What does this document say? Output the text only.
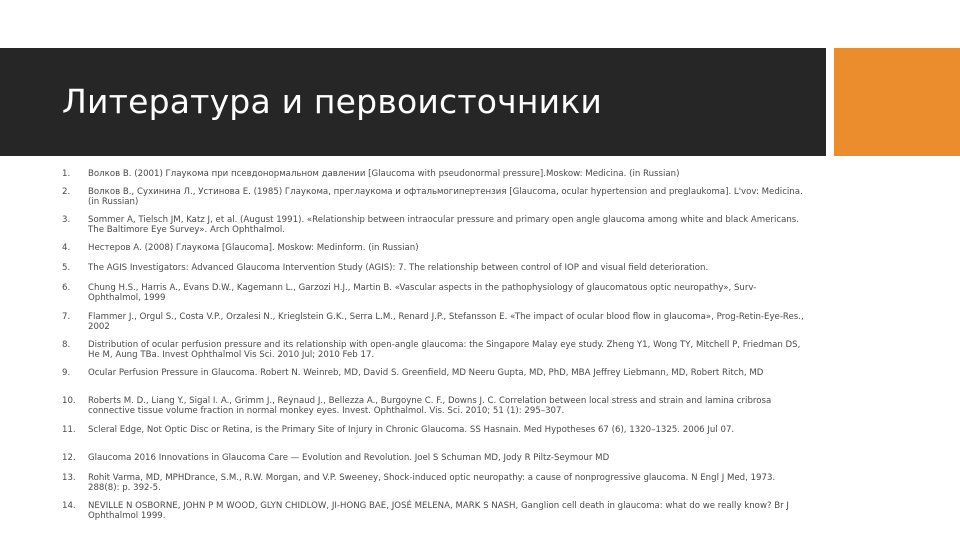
Литература и первоисточники
1.	Волков В. (2001) Глаукома при псевдонормальном давлении [Glaucoma with pseudonormal pressure].Moskow: Medicina. (in Russian)
2.	Волков В., Сухинина Л., Устинова Е. (1985) Глаукома, преглаукома и офтальмогипертензия [Glaucoma, ocular hypertension and preglaukoma]. L'vov: Medicina. (in Russian)
3.	Sommer A, Tielsch JM, Katz J, et al. (August 1991). «Relationship between intraocular pressure and primary open angle glaucoma among white and black Americans. The Baltimore Eye Survey». Arch Ophthalmol.
4.	Нестеров А. (2008) Глаукома [Glaucoma]. Moskow: Medinform. (in Russian)
5.	The AGIS Investigators: Advanced Glaucoma Intervention Study (AGIS): 7. The relationship between control of IOP and visual field deterioration.
6.	Chung H.S., Harris A., Evans D.W., Kagemann L., Garzozi H.J., Martin B. «Vascular aspects in the pathophysiology of glaucomatous optic neuropathy», Surv-Ophthalmol, 1999
7.	Flammer J., Orgul S., Costa V.P., Orzalesi N., Krieglstein G.K., Serra L.M., Renard J.P., Stefansson E. «The impact of ocular blood flow in glaucoma», Prog-Retin-Eye-Res., 2002
8.	Distribution of ocular perfusion pressure and its relationship with open-angle glaucoma: the Singapore Malay eye study. Zheng Y1, Wong TY, Mitchell P, Friedman DS, He M, Aung TBa. Invest Ophthalmol Vis Sci. 2010 Jul; 2010 Feb 17.
9.	Ocular Perfusion Pressure in Glaucoma. Robert N. Weinreb, MD, David S. Greenfield, MD Neeru Gupta, MD, PhD, MBA Jeffrey Liebmann, MD, Robert Ritch, MD
10.	Roberts M. D., Liang Y., Sigal I. A., Grimm J., Reynaud J., Bellezza A., Burgoyne C. F., Downs J. C. Correlation between local stress and strain and lamina cribrosa connective tissue volume fraction in normal monkey eyes. Invest. Ophthalmol. Vis. Sci. 2010; 51 (1): 295–307.
11.	Scleral Edge, Not Optic Disc or Retina, is the Primary Site of Injury in Chronic Glaucoma. SS Hasnain. Med Hypotheses 67 (6), 1320–1325. 2006 Jul 07.
12.	Glaucoma 2016 Innovations in Glaucoma Care — Evolution and Revolution. Joel S Schuman MD, Jody R Piltz-Seymour MD
13.	Rohit Varma, MD, MPHDrance, S.M., R.W. Morgan, and V.P. Sweeney, Shock-induced optic neuropathy: a cause of nonprogressive glaucoma. N Engl J Med, 1973. 288(8): p. 392-5.
14.	NEVILLE N OSBORNE, JOHN P M WOOD, GLYN CHIDLOW, JI-HONG BAE, JOSÉ MELENA, MARK S NASH, Ganglion cell death in glaucoma: what do we really know? Br J Ophthalmol 1999.
